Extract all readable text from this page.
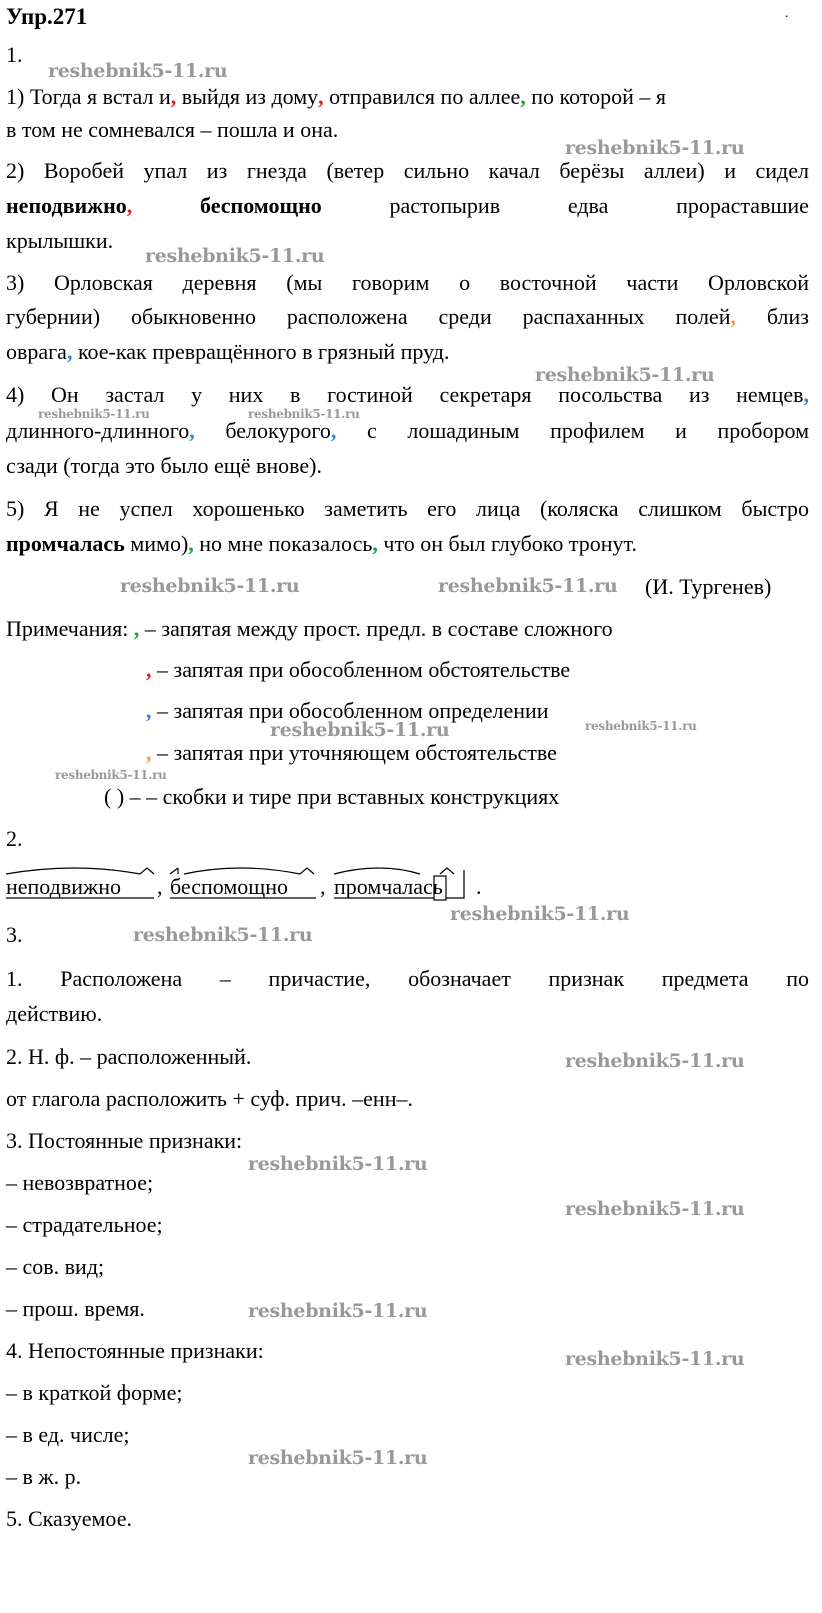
Упр.271	.
1.
1) Тогда я встал и, выйдя из дому, отправился по аллее, по которой – я
в том не сомневался – пошла и она.
2) Воробей упал из гнезда (ветер сильно качал берёзы аллеи) и сидел
неподвижно,	беспомощно	растопырив	едва	прораставшие
крылышки.
3) Орловская деревня (мы говорим о восточной части Орловской
губернии) обыкновенно расположена среди распаханных полей, близ
оврага, кое-как превращённого в грязный пруд.
4) Он застал у них в гостиной секретаря посольства из немцев,
длинного-длинного, белокурого, с лошадиным профилем и пробором
сзади (тогда это было ещё внове).
5) Я не успел хорошенько заметить его лица (коляска слишком быстро
промчалась мимо), но мне показалось, что он был глубоко тронут.
(И. Тургенев)
Примечания: , – запятая между прост. предл. в составе сложного
, – запятая при обособленном обстоятельстве
, – запятая при обособленном определении
, – запятая при уточняющем обстоятельстве
( ) – – скобки и тире при вставных конструкциях
2.
неподвижно , беспомощно , промчалась .
3.
1. Расположена – причастие, обозначает признак предмета по
действию.
2. Н. ф. – расположенный.
от глагола расположить + суф. прич. –енн–.
3. Постоянные признаки:
– невозвратное;
– страдательное;
– сов. вид;
– прош. время.
4. Непостоянные признаки:
– в краткой форме;
– в ед. числе;
– в ж. р.
5. Сказуемое.
reshebnik5-11.ru
reshebnik5-11.ru
reshebnik5-11.ru
reshebnik5-11.ru
reshebnik5-11.ru	reshebnik5-11.ru
reshebnik5-11.ru	reshebnik5-11.ru
reshebnik5-11.ru	reshebnik5-11.ru
reshebnik5-11.ru
reshebnik5-11.ru
reshebnik5-11.ru
reshebnik5-11.ru
reshebnik5-11.ru
reshebnik5-11.ru
reshebnik5-11.ru
reshebnik5-11.ru
reshebnik5-11.ru
